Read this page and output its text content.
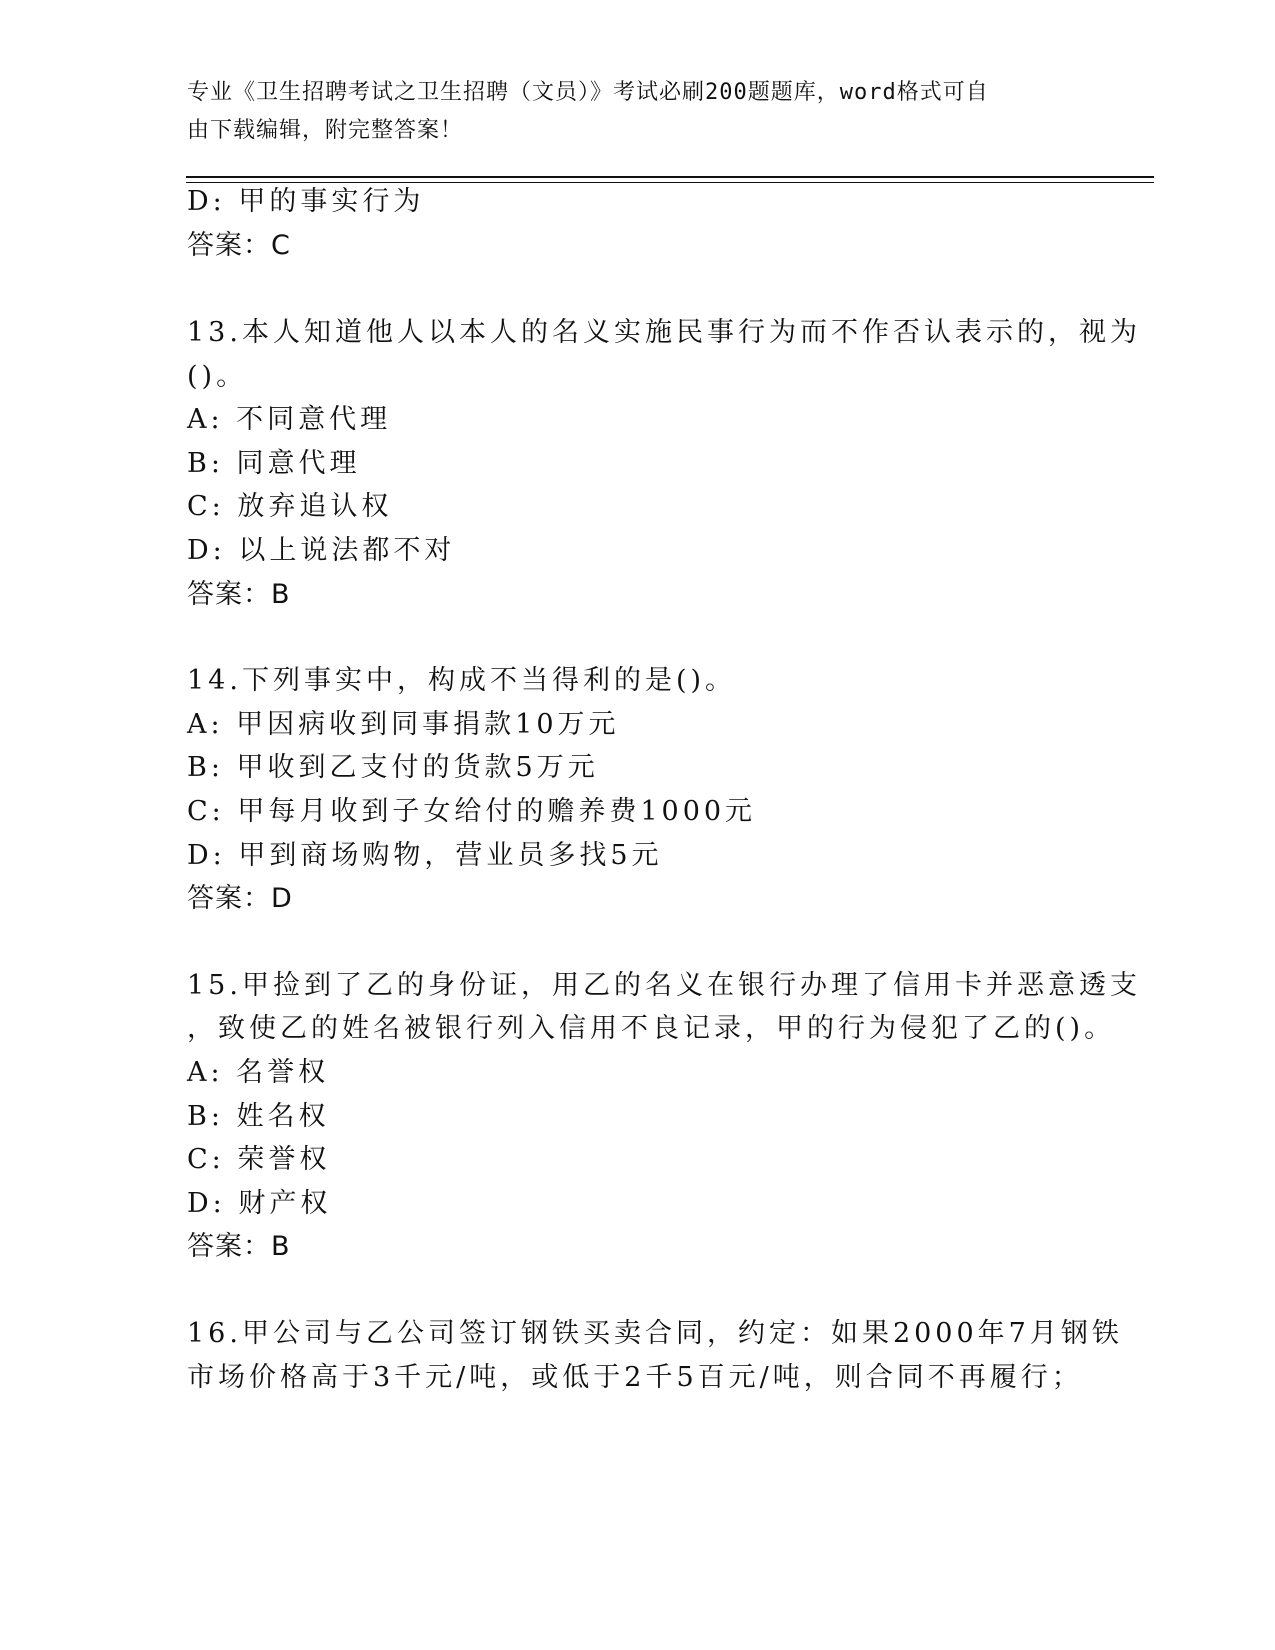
专业《卫生招聘考试之卫生招聘（文员）》考试必刷200题题库，word格式可自
由下载编辑，附完整答案！
D: 甲的事实行为
答案：C
13.本人知道他人以本人的名义实施民事行为而不作否认表示的，视为
()。
A: 不同意代理
B: 同意代理
C: 放弃追认权
D: 以上说法都不对
答案：B
14.下列事实中，构成不当得利的是()。
A: 甲因病收到同事捐款10万元
B: 甲收到乙支付的货款5万元
C: 甲每月收到子女给付的赡养费1000元
D: 甲到商场购物，营业员多找5元
答案：D
15.甲捡到了乙的身份证，用乙的名义在银行办理了信用卡并恶意透支
，致使乙的姓名被银行列入信用不良记录，甲的行为侵犯了乙的()。
A: 名誉权
B: 姓名权
C: 荣誉权
D: 财产权
答案：B
16.甲公司与乙公司签订钢铁买卖合同，约定：如果2000年7月钢铁
市场价格高于3千元/吨，或低于2千5百元/吨，则合同不再履行；
